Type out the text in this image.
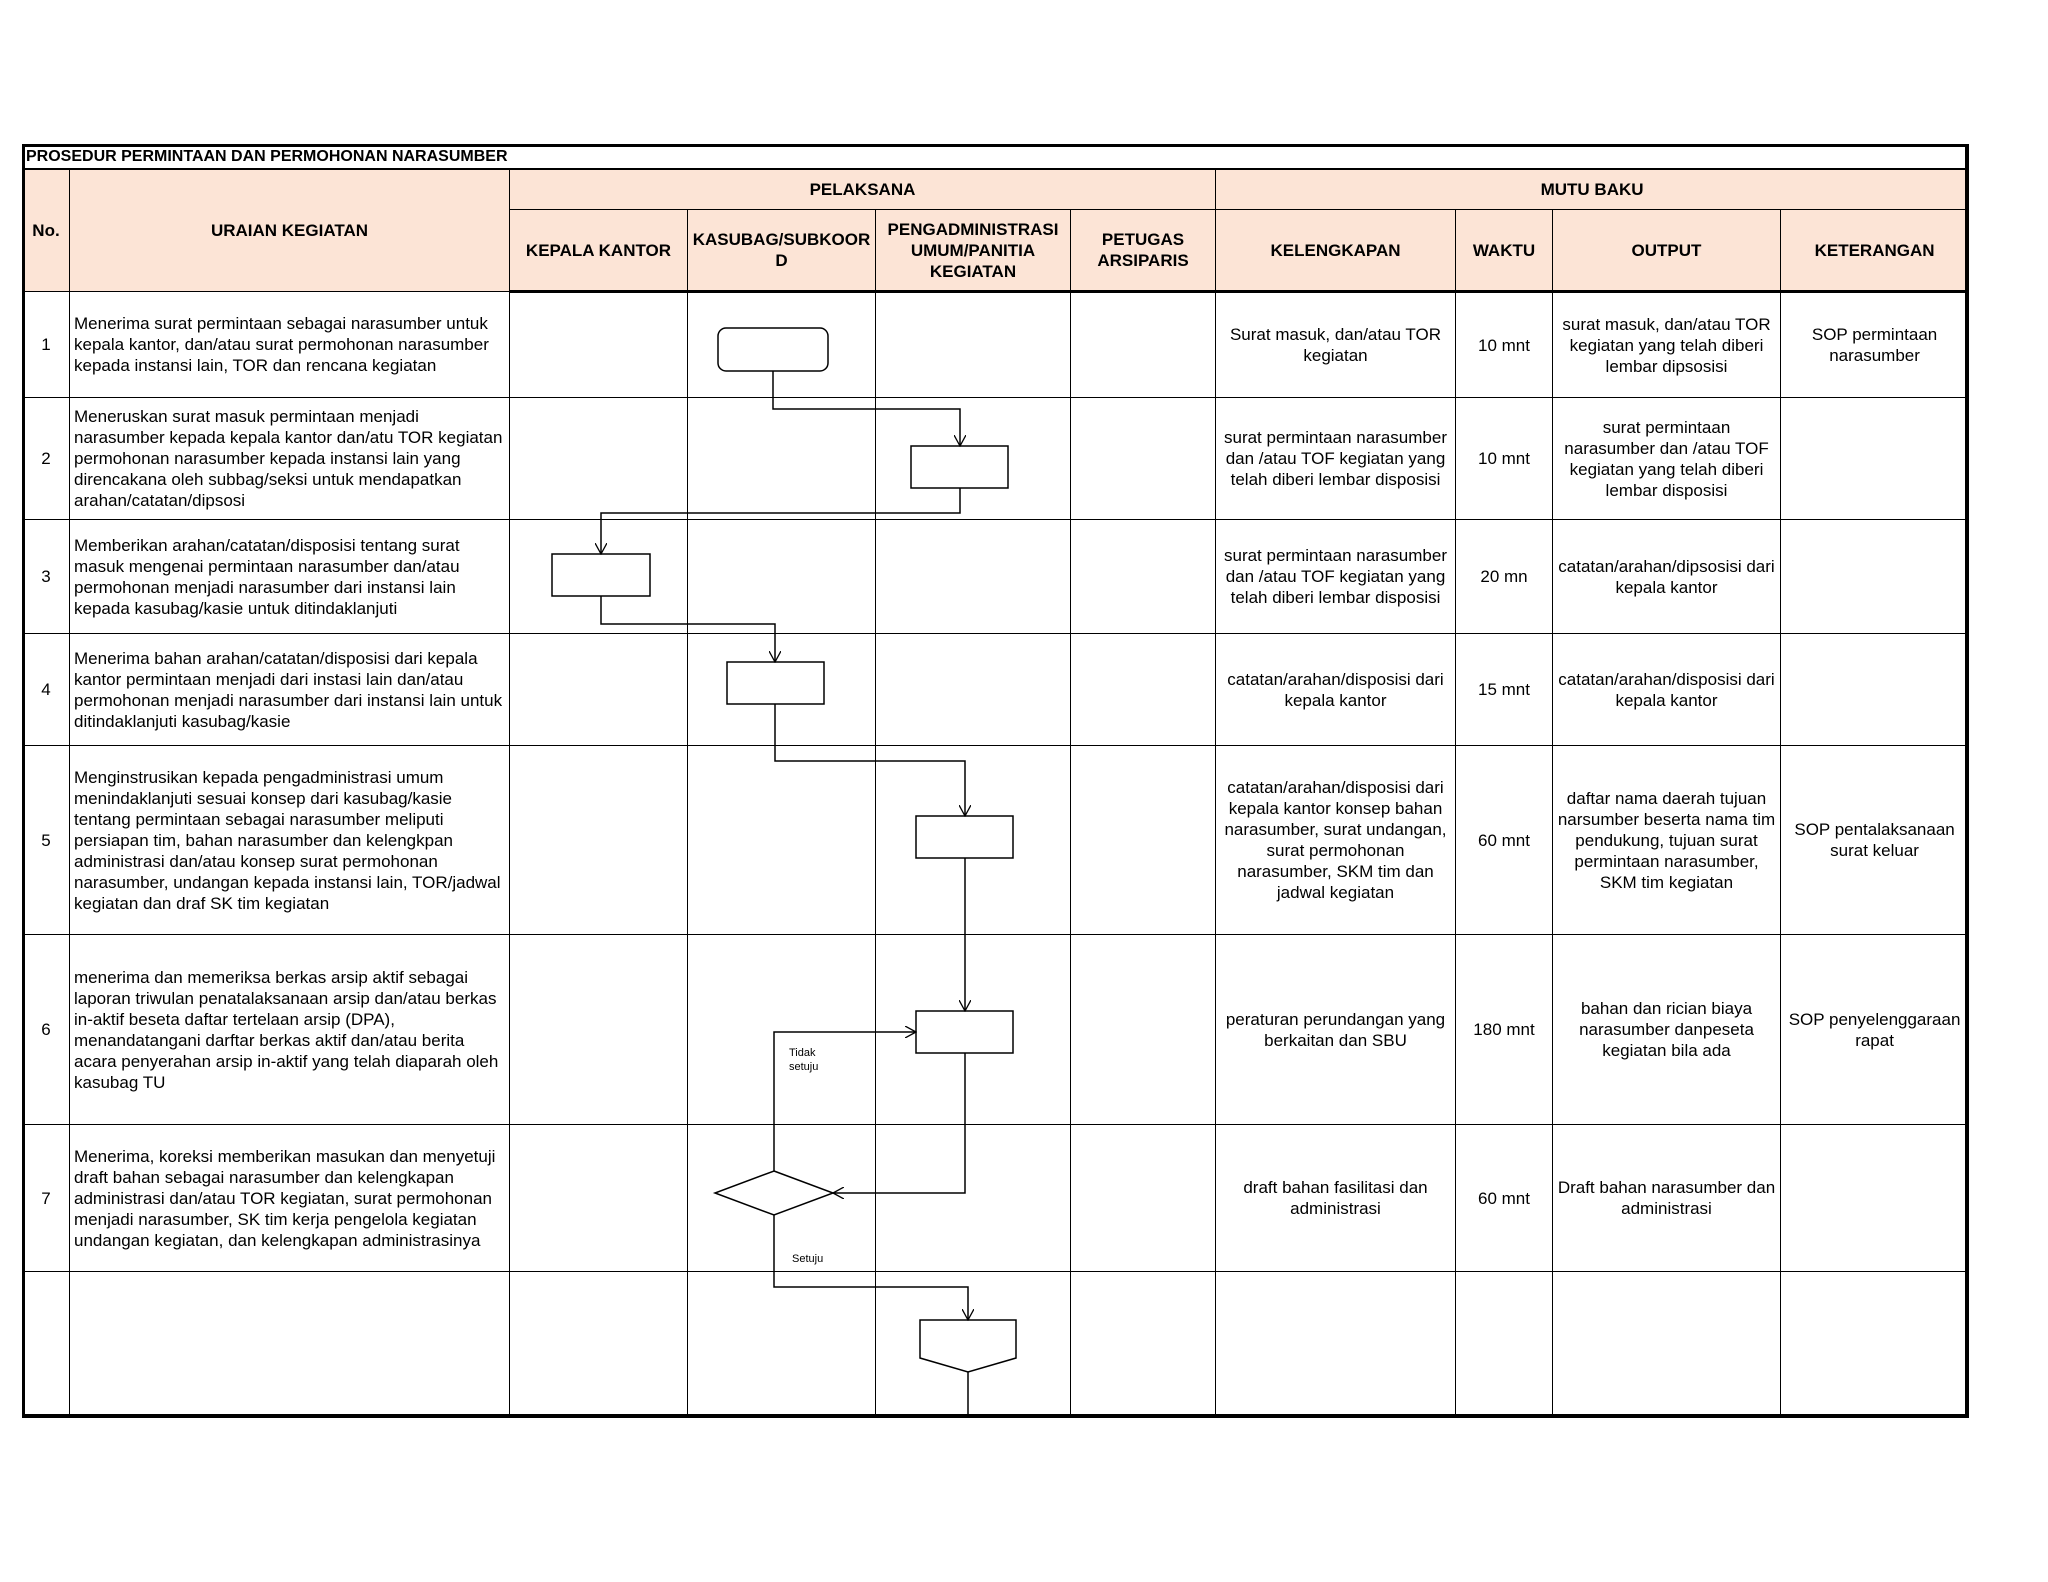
PROSEDUR PERMINTAAN DAN PERMOHONAN NARASUMBER									
No.	URAIAN KEGIATAN	PELAKSANA				MUTU BAKU			
		KEPALA KANTOR	KASUBAG/SUBKOOR D	PENGADMINISTRASI UMUM/PANITIA KEGIATAN	PETUGAS ARSIPARIS	KELENGKAPAN	WAKTU	OUTPUT	KETERANGAN
1	Menerima surat permintaan sebagai narasumber untuk kepala kantor, dan/atau surat permohonan narasumber kepada instansi lain, TOR dan rencana kegiatan					Surat masuk, dan/atau TOR kegiatan	10 mnt	surat masuk, dan/atau TOR kegiatan yang telah diberi lembar dipsosisi	SOP permintaan narasumber
2	Meneruskan surat masuk permintaan menjadi narasumber kepada kepala kantor dan/atu TOR kegiatan permohonan narasumber kepada instansi lain yang direncakana oleh subbag/seksi untuk mendapatkan arahan/catatan/dipsosi					surat permintaan narasumber dan /atau TOF kegiatan yang telah diberi lembar disposisi	10 mnt	surat permintaan narasumber dan /atau TOF kegiatan yang telah diberi lembar disposisi	
3	Memberikan arahan/catatan/disposisi tentang surat masuk mengenai permintaan narasumber dan/atau permohonan menjadi narasumber dari instansi lain kepada kasubag/kasie untuk ditindaklanjuti					surat permintaan narasumber dan /atau TOF kegiatan yang telah diberi lembar disposisi	20 mn	catatan/arahan/dipsosisi dari kepala kantor	
4	Menerima bahan arahan/catatan/disposisi dari kepala kantor permintaan menjadi dari instasi lain dan/atau permohonan menjadi narasumber dari instansi lain untuk ditindaklanjuti kasubag/kasie					catatan/arahan/disposisi dari kepala kantor	15 mnt	catatan/arahan/disposisi dari kepala kantor	
5	Menginstrusikan kepada pengadministrasi umum menindaklanjuti sesuai konsep dari kasubag/kasie tentang permintaan sebagai narasumber meliputi persiapan tim, bahan narasumber dan kelengkpan administrasi dan/atau konsep surat permohonan narasumber, undangan kepada instansi lain, TOR/jadwal kegiatan dan draf SK tim kegiatan					catatan/arahan/disposisi dari kepala kantor konsep bahan narasumber, surat undangan, surat permohonan narasumber, SKM tim dan jadwal kegiatan	60 mnt	daftar nama daerah tujuan narsumber beserta nama tim pendukung, tujuan surat permintaan narasumber, SKM tim kegiatan	SOP pentalaksanaan surat keluar
6	menerima dan memeriksa berkas arsip aktif sebagai laporan triwulan penatalaksanaan arsip dan/atau berkas in-aktif beseta daftar tertelaan arsip (DPA), menandatangani darftar berkas aktif dan/atau berita acara penyerahan arsip in-aktif yang telah diaparah oleh kasubag TU					peraturan perundangan yang berkaitan dan SBU	180 mnt	bahan dan rician biaya narasumber danpeseta kegiatan bila ada	SOP penyelenggaraan rapat
7	Menerima, koreksi memberikan masukan dan menyetuji draft bahan sebagai narasumber dan kelengkapan administrasi dan/atau TOR kegiatan, surat permohonan menjadi narasumber, SK tim kerja pengelola kegiatan undangan kegiatan, dan kelengkapan administrasinya					draft bahan fasilitasi dan administrasi	60 mnt	Draft bahan narasumber dan administrasi	

Tidak
setuju
Setuju
